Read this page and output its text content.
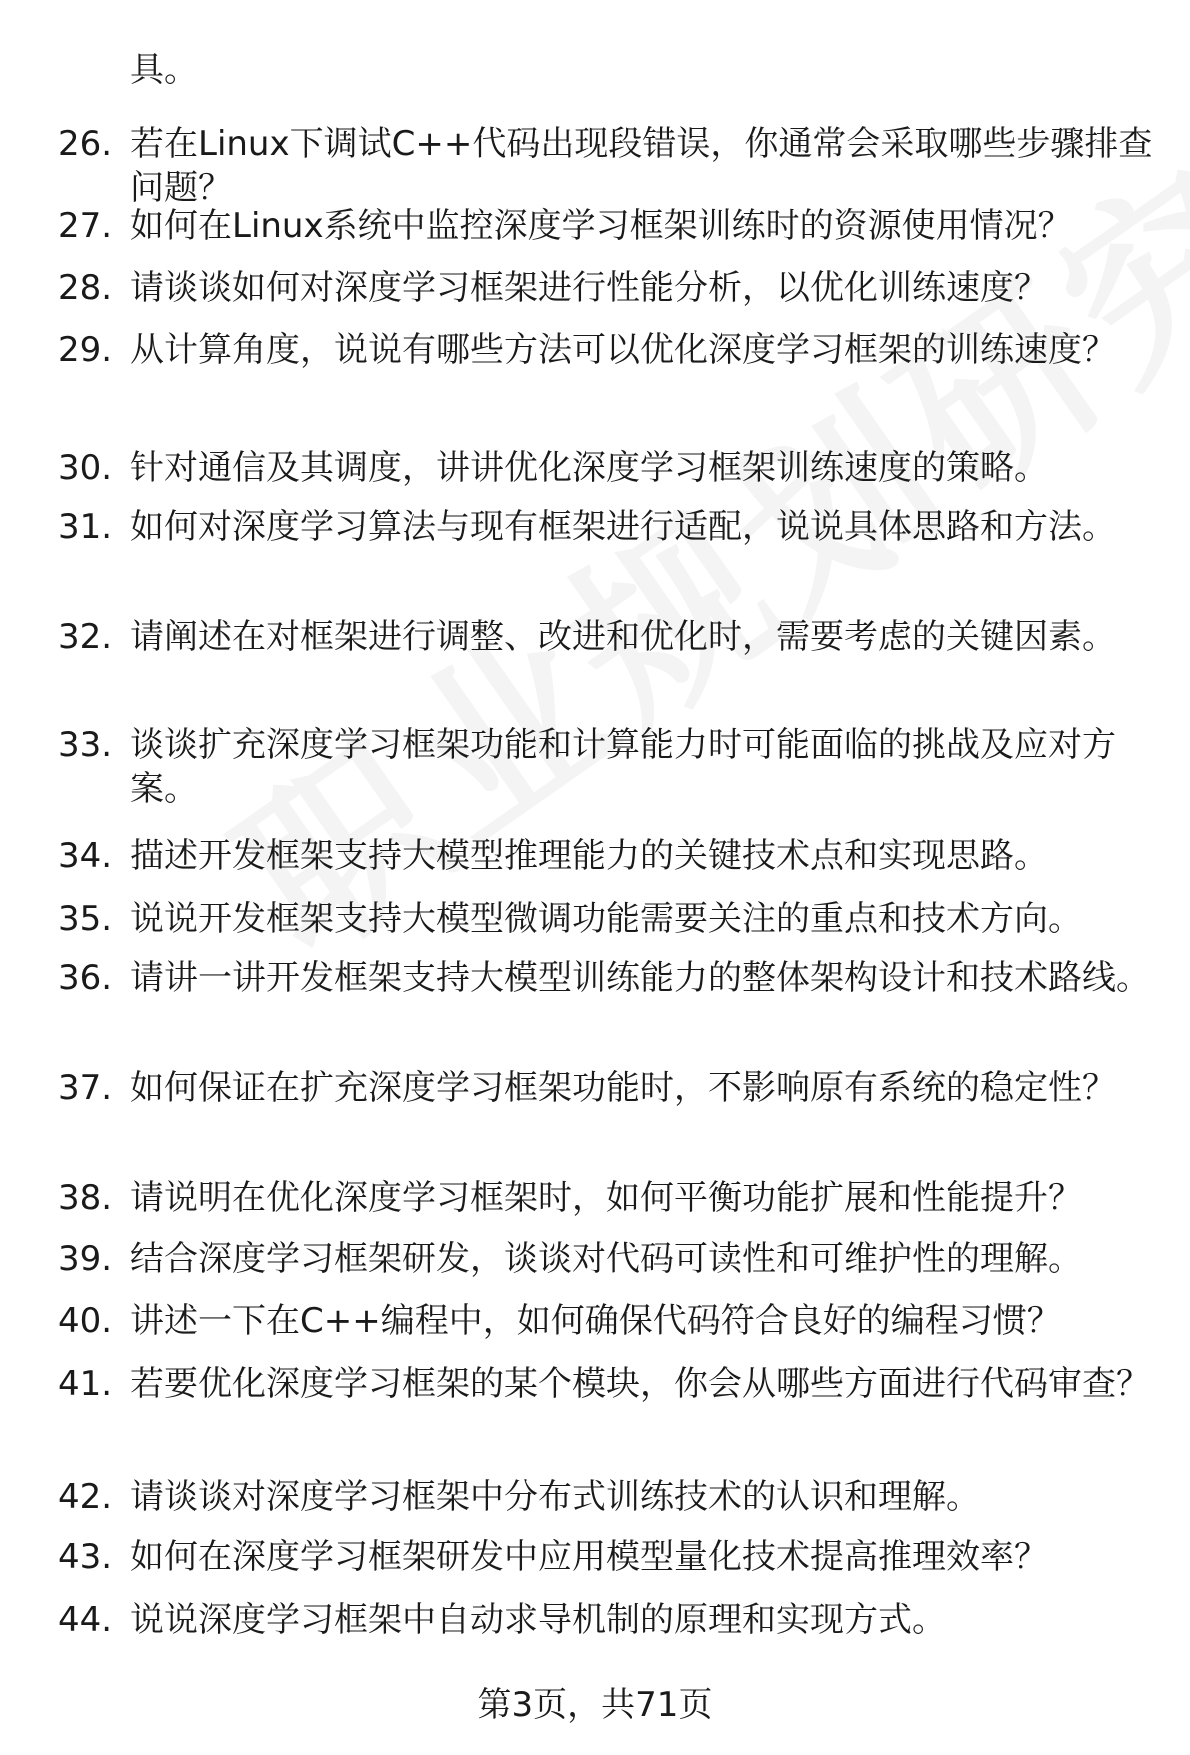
具。
26. 若在Linux下调试C++代码出现段错误，你通常会采取哪些步骤排查问题？
27. 如何在Linux系统中监控深度学习框架训练时的资源使用情况？
28. 请谈谈如何对深度学习框架进行性能分析，以优化训练速度？
29. 从计算角度，说说有哪些方法可以优化深度学习框架的训练速度？
30. 针对通信及其调度，讲讲优化深度学习框架训练速度的策略。
31. 如何对深度学习算法与现有框架进行适配，说说具体思路和方法。
32. 请阐述在对框架进行调整、改进和优化时，需要考虑的关键因素。
33. 谈谈扩充深度学习框架功能和计算能力时可能面临的挑战及应对方案。
34. 描述开发框架支持大模型推理能力的关键技术点和实现思路。
35. 说说开发框架支持大模型微调功能需要关注的重点和技术方向。
36. 请讲一讲开发框架支持大模型训练能力的整体架构设计和技术路线。
37. 如何保证在扩充深度学习框架功能时，不影响原有系统的稳定性？
38. 请说明在优化深度学习框架时，如何平衡功能扩展和性能提升？
39. 结合深度学习框架研发，谈谈对代码可读性和可维护性的理解。
40. 讲述一下在C++编程中，如何确保代码符合良好的编程习惯？
41. 若要优化深度学习框架的某个模块，你会从哪些方面进行代码审查？
42. 请谈谈对深度学习框架中分布式训练技术的认识和理解。
43. 如何在深度学习框架研发中应用模型量化技术提高推理效率？
44. 说说深度学习框架中自动求导机制的原理和实现方式。
第3页，共71页
